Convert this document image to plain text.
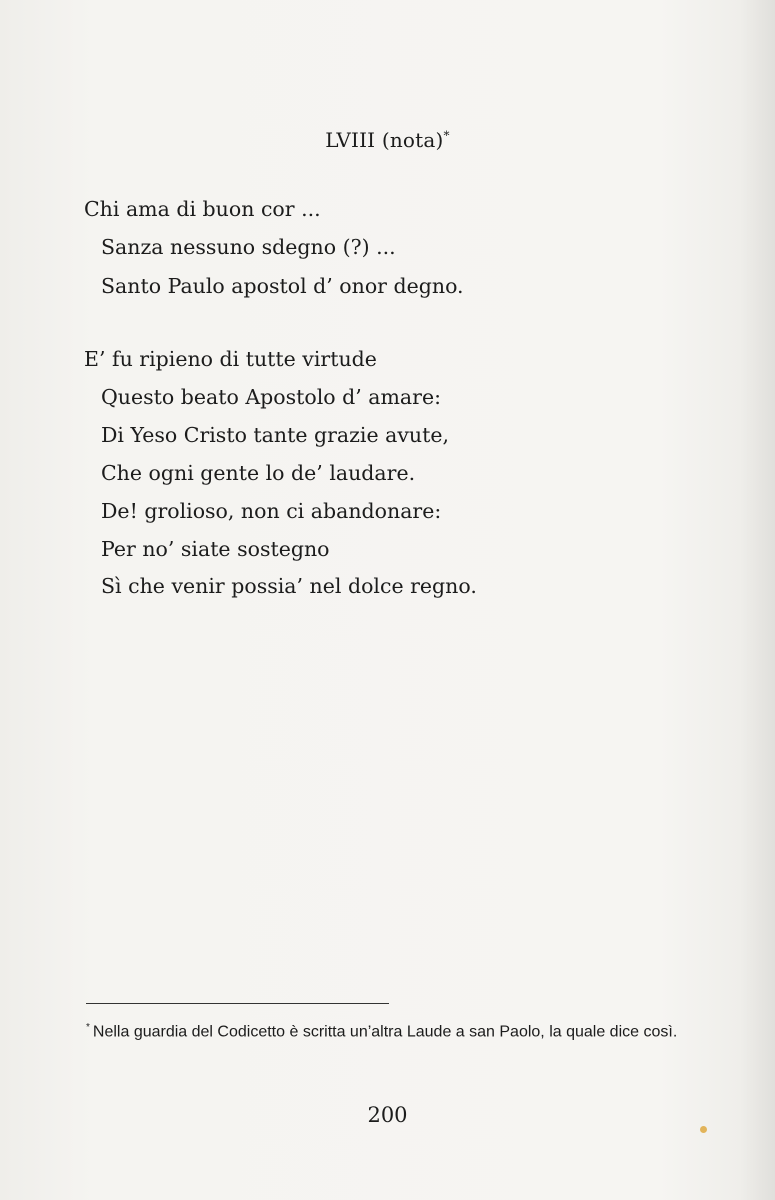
LVIII (nota)*
Chi ama di buon cor ...
Sanza nessuno sdegno (?) ...
Santo Paulo apostol d’ onor degno.
E’ fu ripieno di tutte virtude
Questo beato Apostolo d’ amare:
Di Yeso Cristo tante grazie avute,
Che ogni gente lo de’ laudare.
De! grolioso, non ci abandonare:
Per no’ siate sostegno
Sì che venir possia’ nel dolce regno.
* Nella guardia del Codicetto è scritta un’altra Laude a san Paolo, la quale dice così.
200
